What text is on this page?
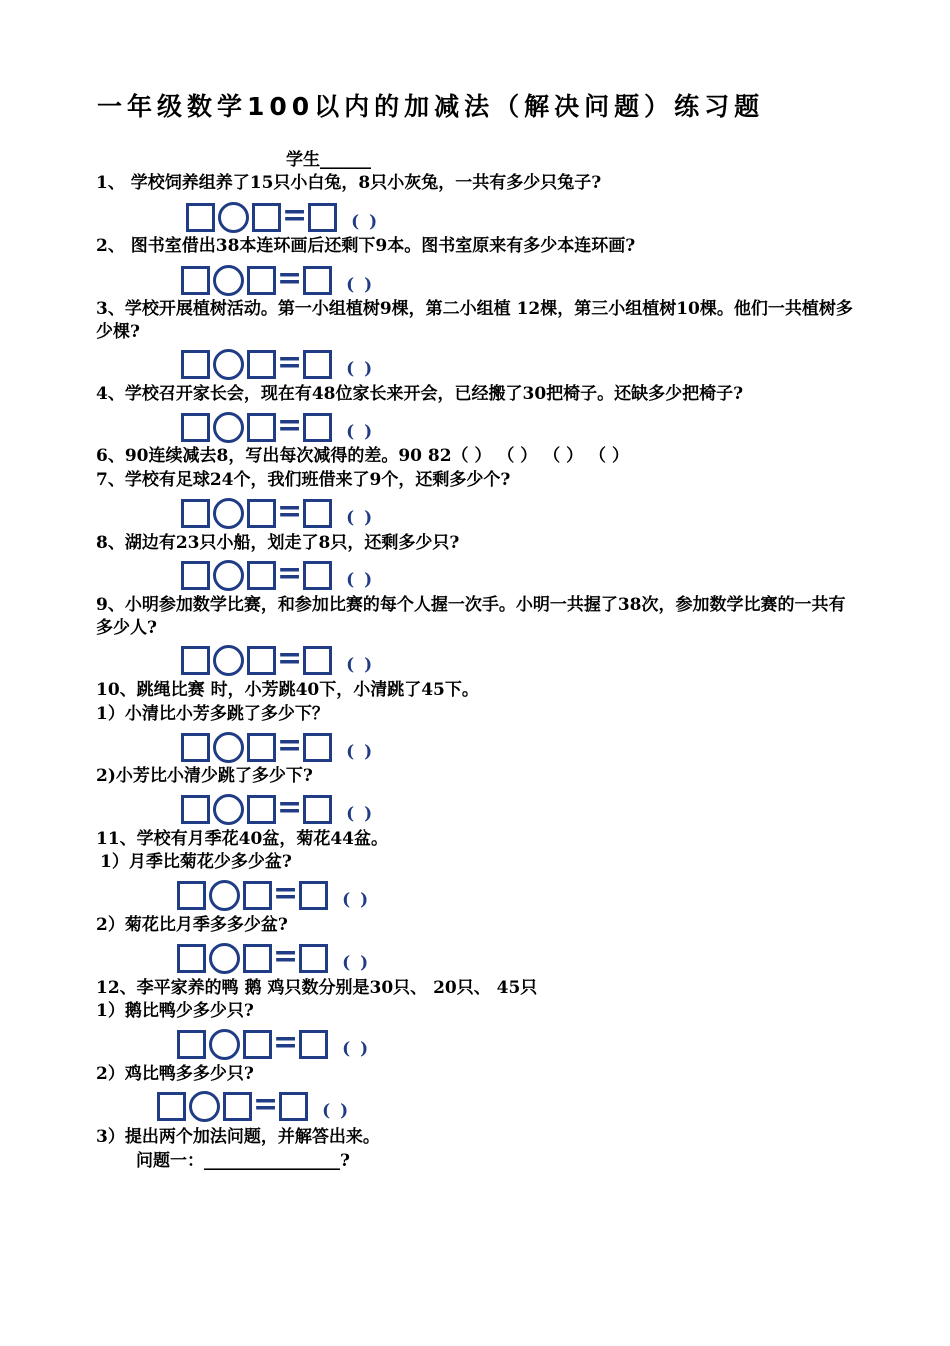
一年级数学100以内的加减法（解决问题）练习题
学生______
1、 学校饲养组养了15只小白兔，8只小灰兔，一共有多少只兔子?
=	( )
2、 图书室借出38本连环画后还剩下9本。图书室原来有多少本连环画?
=	( )
3、学校开展植树活动。第一小组植树9棵，第二小组植 12棵，第三小组植树10棵。他们一共植树多少棵?
=	( )
4、学校召开家长会，现在有48位家长来开会，已经搬了30把椅子。还缺多少把椅子?
=	( )
6、90连续减去8，写出每次减得的差。90 82（ ） （ ） （ ） （ ）
7、学校有足球24个，我们班借来了9个，还剩多少个?
=	( )
8、湖边有23只小船，划走了8只，还剩多少只?
=	( )
9、小明参加数学比赛，和参加比赛的每个人握一次手。小明一共握了38次，参加数学比赛的一共有多少人?
=	( )
10、跳绳比赛 时，小芳跳40下，小清跳了45下。
1）小清比小芳多跳了多少下？
=	( )
2)小芳比小清少跳了多少下?
=	( )
11、学校有月季花40盆，菊花44盆。
1）月季比菊花少多少盆?
=	( )
2）菊花比月季多多少盆?
=	( )
12、李平家养的鸭 鹅 鸡只数分别是30只、 20只、 45只
1）鹅比鸭少多少只?
=	( )
2）鸡比鸭多多少只?
=	( )
3）提出两个加法问题，并解答出来。
问题一：________________?
